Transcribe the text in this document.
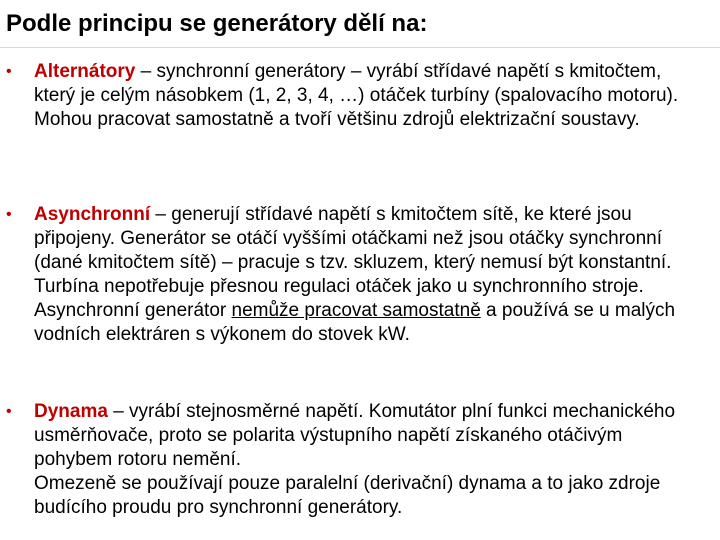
Podle principu se generátory dělí na:
•	Alternátory – synchronní generátory – vyrábí střídavé napětí s kmitočtem, který je celým násobkem (1, 2, 3, 4, …) otáček turbíny (spalovacího motoru).

Mohou pracovat samostatně a tvoří většinu zdrojů elektrizační soustavy.

•	Asynchronní – generují střídavé napětí s kmitočtem sítě, ke které jsou připojeny. Generátor se otáčí vyššími otáčkami než jsou otáčky synchronní (dané kmitočtem sítě) – pracuje s tzv. skluzem, který nemusí být konstantní. Turbína nepotřebuje přesnou regulaci otáček jako u synchronního stroje.

Asynchronní generátor nemůže pracovat samostatně a používá se u malých vodních elektráren s výkonem do stovek kW.

•	Dynama – vyrábí stejnosměrné napětí. Komutátor plní funkci mechanického usměrňovače, proto se polarita výstupního napětí získaného otáčivým pohybem rotoru nemění.

Omezeně se používají pouze paralelní (derivační) dynama a to jako zdroje budícího proudu pro synchronní generátory.
